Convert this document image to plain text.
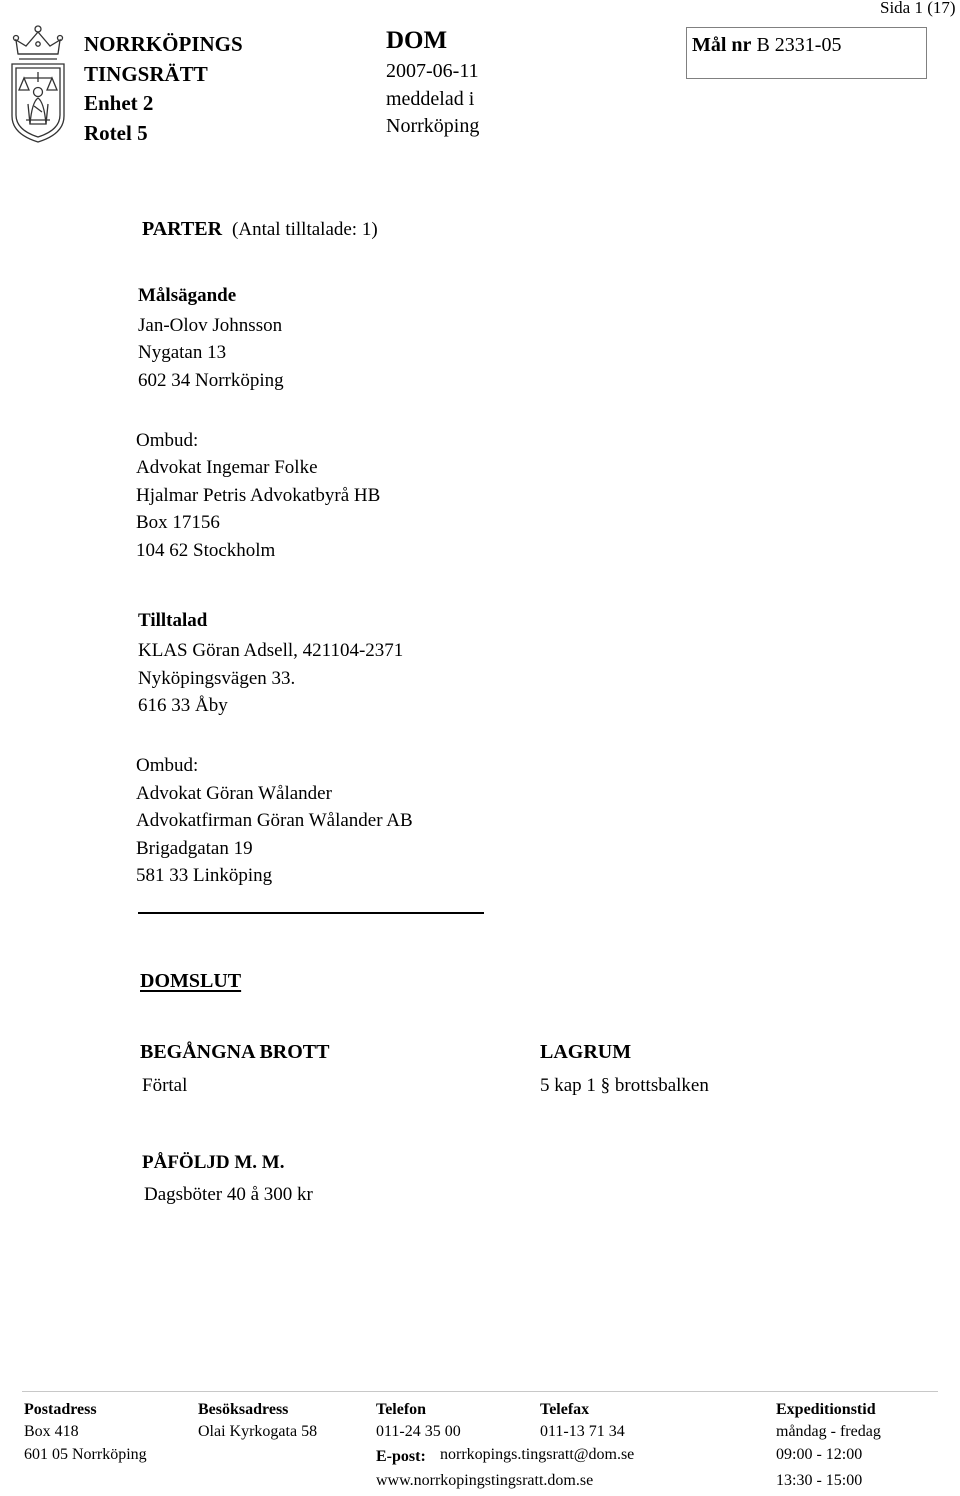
Sida 1 (17)
NORRKÖPINGS
TINGSRÄTT
Enhet 2
Rotel 5
DOM
2007-06-11
meddelad i
Norrköping
Mål nr B 2331-05
PARTER (Antal tilltalade: 1)
Målsägande
Jan-Olov Johnsson
Nygatan 13
602 34 Norrköping
Ombud:
Advokat Ingemar Folke
Hjalmar Petris Advokatbyrå HB
Box 17156
104 62 Stockholm
Tilltalad
KLAS Göran Adsell, 421104-2371
Nyköpingsvägen 33.
616 33 Åby
Ombud:
Advokat Göran Wålander
Advokatfirman Göran Wålander AB
Brigadgatan 19
581 33 Linköping
DOMSLUT
BEGÅNGNA BROTT
Förtal
LAGRUM
5 kap 1 § brottsbalken
PÅFÖLJD M. M.
Dagsböter 40 å 300 kr
Postadress
Box 418
601 05 Norrköping
Besöksadress
Olai Kyrkogata 58
Telefon
011-24 35 00
Telefax
011-13 71 34
E-post: norrkopings.tingsratt@dom.se
www.norrkopingstingsratt.dom.se
Expeditionstid
måndag - fredag
09:00 - 12:00
13:30 - 15:00
